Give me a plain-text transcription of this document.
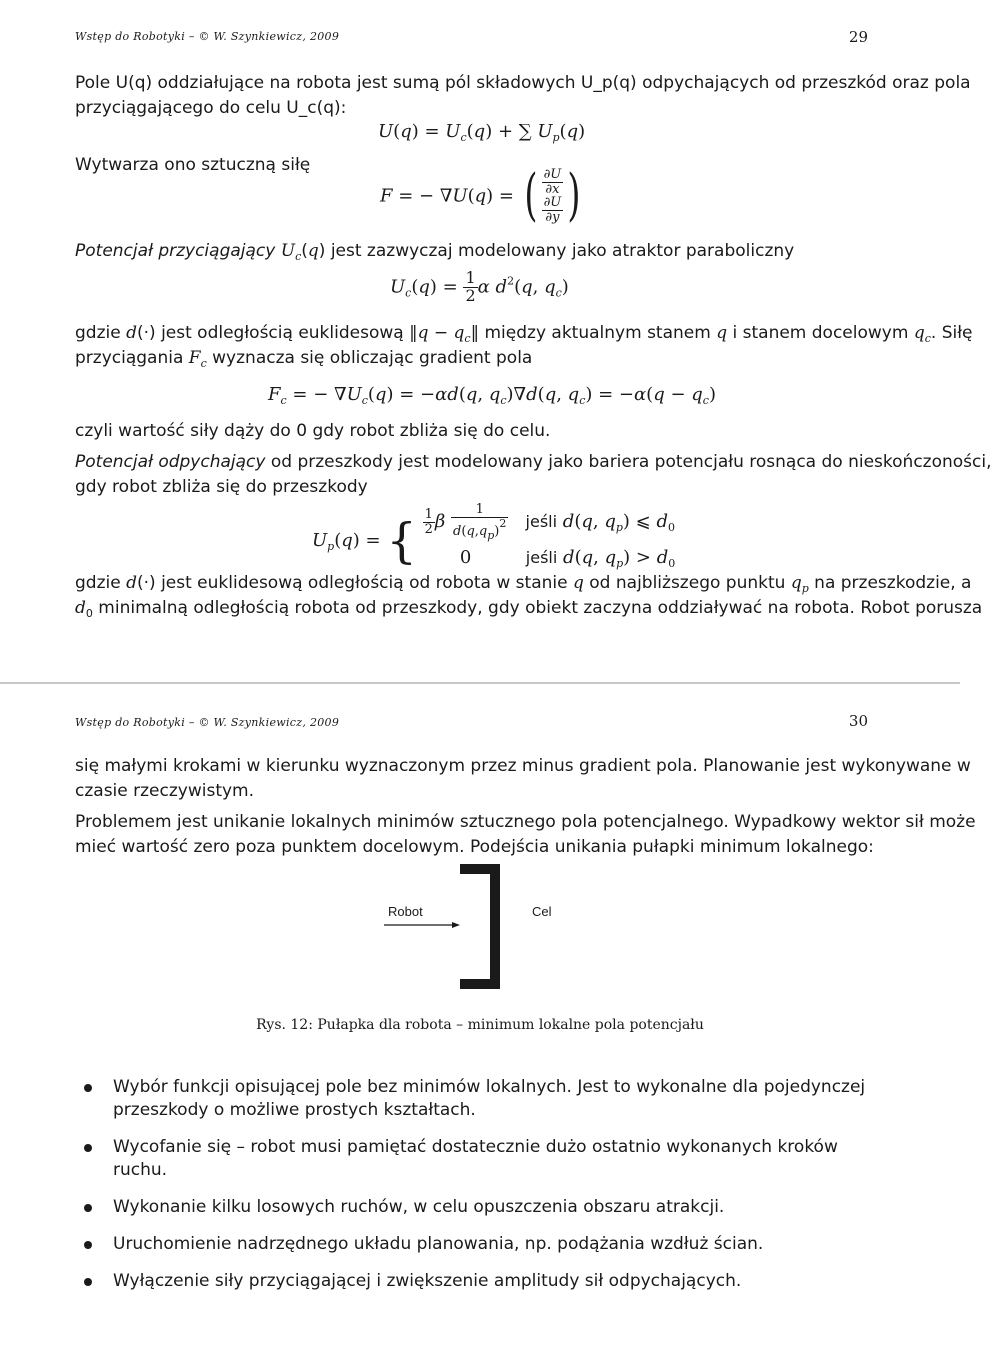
Wstęp do Robotyki – © W. Szynkiewicz, 2009	29
Pole U(q) oddziałujące na robota jest sumą pól składowych U_p(q) odpychających od przeszkód oraz pola
przyciągającego do celu U_c(q):
$U(q) = U_c(q)$ + ∑ $U_p(q)$
Wytwarza ono sztuczną siłę
F = − ∇U(q) = ( ∂U
∂x
∂U
∂y )
Potencjał przyciągający $U_c(q)$ jest zazwyczaj modelowany jako atraktor paraboliczny
$U_c(q) = \frac{1}{2}$ α $d^2(q$, $q_c$)
gdzie d(·) jest odległością euklidesową ‖q − $q_c‖$ między aktualnym stanem q i stanem docelowym $q_c$. Siłę
przyciągania $F_c$ wyznacza się obliczając gradient pola
$F_c$ = − $\nabla U_c(q) = -\alpha d(q$, $q_c)\nabla d(q$, $q_c) = -\alpha(q - q_c)$
czyli wartość siły dąży do 0 gdy robot zbliża się do celu.
Potencjał odpychający od przeszkody jest modelowany jako bariera potencjału rosnąca do nieskończoności,
gdy robot zbliża się do przeszkody
$U_p(q)$ = { $\frac{1}{2}$ β $\frac{1}{d(q,q_p)^2}$ jeśli d(q, $q_p$) ⩽ $d_0$
0	jeśli d(q, $q_p) > d_0$
gdzie d(·) jest euklidesową odległością od robota w stanie q od najbliższego punktu $q_p$ na przeszkodzie, a
$d_0$ minimalną odległością robota od przeszkody, gdy obiekt zaczyna oddziaływać na robota. Robot porusza
Wstęp do Robotyki – © W. Szynkiewicz, 2009	30
się małymi krokami w kierunku wyznaczonym przez minus gradient pola. Planowanie jest wykonywane w
czasie rzeczywistym.
Problemem jest unikanie lokalnych minimów sztucznego pola potencjalnego. Wypadkowy wektor sił może
mieć wartość zero poza punktem docelowym. Podejścia unikania pułapki minimum lokalnego:
Robot	Cel
Rys. 12: Pułapka dla robota – minimum lokalne pola potencjału
Wybór funkcji opisującej pole bez minimów lokalnych. Jest to wykonalne dla pojedynczej przeszkody o możliwe prostych kształtach.
Wycofanie się – robot musi pamiętać dostatecznie dużo ostatnio wykonanych kroków ruchu.
Wykonanie kilku losowych ruchów, w celu opuszczenia obszaru atrakcji.
Uruchomienie nadrzędnego układu planowania, np. podążania wzdłuż ścian.
Wyłączenie siły przyciągającej i zwiększenie amplitudy sił odpychających.
